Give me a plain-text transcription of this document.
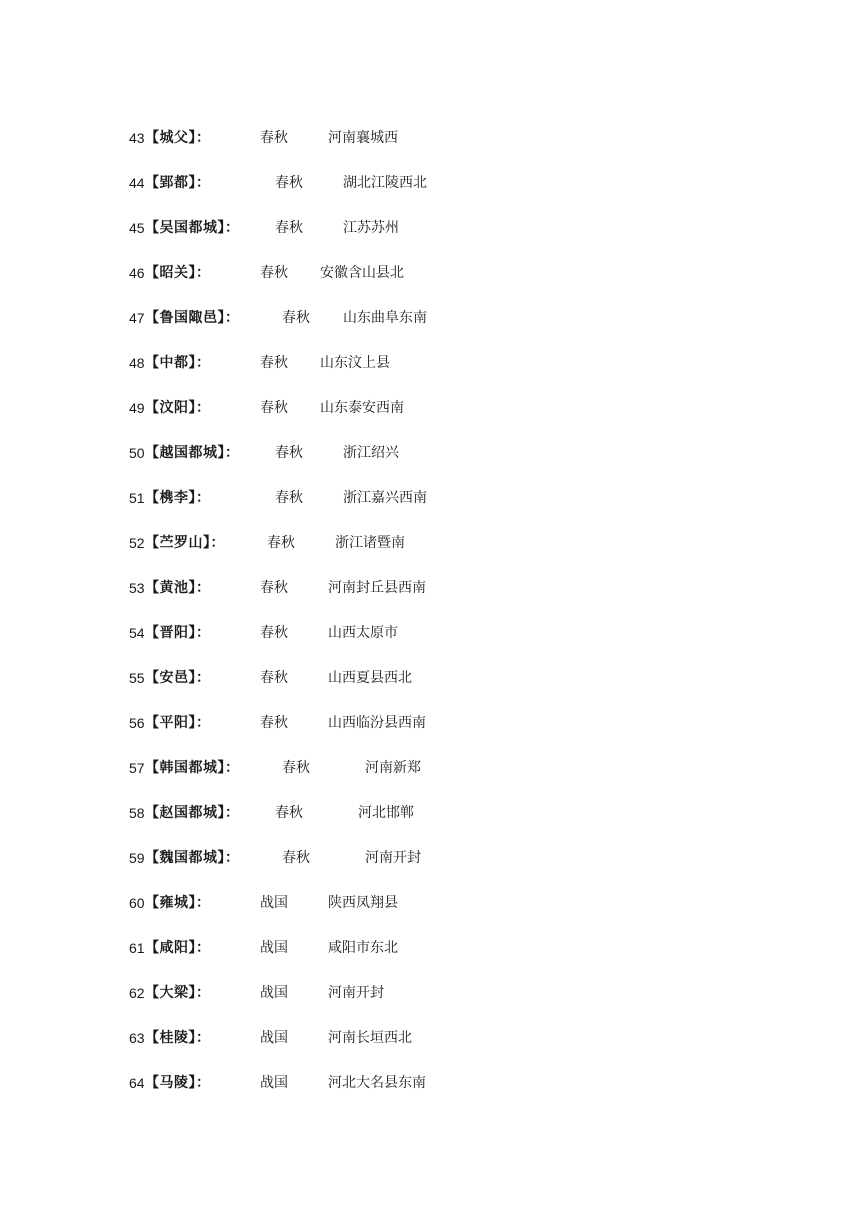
43 【城父】：	春秋	河南襄城西
44 【郢都】：	春秋	湖北江陵西北
45 【吴国都城】：	春秋	江苏苏州
46 【昭关】：	春秋 安徽含山县北
47 【鲁国陬邑】：	春秋 山东曲阜东南
48 【中都】：	春秋 山东汶上县
49 【汶阳】：	春秋 山东泰安西南
50 【越国都城】：	春秋	浙江绍兴
51 【槜李】：	春秋	浙江嘉兴西南
52 【苎罗山】：	春秋	浙江诸暨南
53 【黄池】：	春秋	河南封丘县西南
54 【晋阳】：	春秋	山西太原市
55 【安邑】：	春秋	山西夏县西北
56 【平阳】：	春秋	山西临汾县西南
57 【韩国都城】：	春秋	河南新郑
58 【赵国都城】：	春秋	河北邯郸
59 【魏国都城】：	春秋	河南开封
60 【雍城】：	战国	陕西凤翔县
61 【咸阳】：	战国	咸阳市东北
62 【大梁】：	战国	河南开封
63 【桂陵】：	战国	河南长垣西北
64 【马陵】：	战国	河北大名县东南
